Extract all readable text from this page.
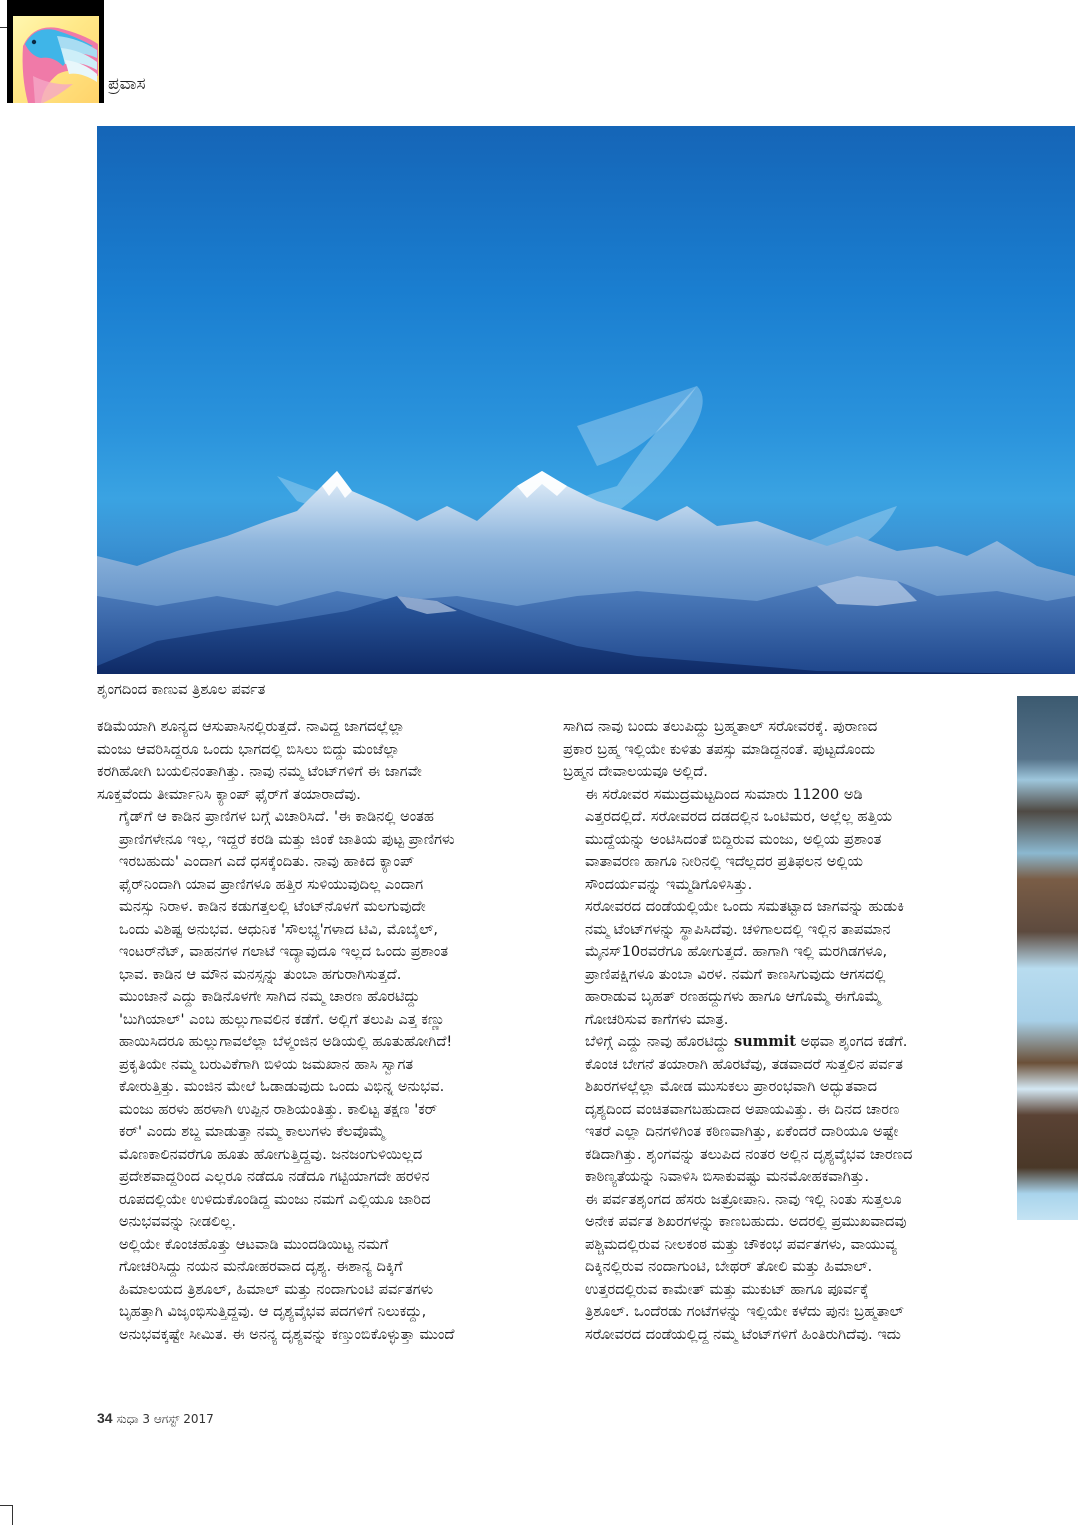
ಪ್ರವಾಸ
ಶೃಂಗದಿಂದ ಕಾಣುವ ತ್ರಿಶೂಲ ಪರ್ವತ

ಕಡಿಮೆಯಾಗಿ ಶೂನ್ಯದ ಆಸುಪಾಸಿನಲ್ಲಿರುತ್ತದೆ. ನಾವಿದ್ದ ಜಾಗದಲ್ಲೆಲ್ಲಾ
ಮಂಜು ಆವರಿಸಿದ್ದರೂ ಒಂದು ಭಾಗದಲ್ಲಿ ಬಿಸಿಲು ಬಿದ್ದು ಮಂಜೆಲ್ಲಾ
ಕರಗಿಹೋಗಿ ಬಯಲಿನಂತಾಗಿತ್ತು. ನಾವು ನಮ್ಮ ಟೆಂಟ್‌ಗಳಿಗೆ ಈ ಜಾಗವೇ
ಸೂಕ್ತವೆಂದು ತೀರ್ಮಾನಿಸಿ ಕ್ಯಾಂಪ್ ಫೈರ್‌ಗೆ ತಯಾರಾದೆವು.

ಗೈಡ್‌ಗೆ ಆ ಕಾಡಿನ ಪ್ರಾಣಿಗಳ ಬಗ್ಗೆ ವಿಚಾರಿಸಿದೆ. 'ಈ ಕಾಡಿನಲ್ಲಿ ಅಂತಹ
ಪ್ರಾಣಿಗಳೇನೂ ಇಲ್ಲ, ಇದ್ದರೆ ಕರಡಿ ಮತ್ತು ಜಿಂಕೆ ಜಾತಿಯ ಪುಟ್ಟ ಪ್ರಾಣಿಗಳು
ಇರಬಹುದು' ಎಂದಾಗ ಎದೆ ಧಸಕ್ಕೆಂದಿತು. ನಾವು ಹಾಕಿದ ಕ್ಯಾಂಪ್
ಫೈರ್‌ನಿಂದಾಗಿ ಯಾವ ಪ್ರಾಣಿಗಳೂ ಹತ್ತಿರ ಸುಳಿಯುವುದಿಲ್ಲ ಎಂದಾಗ
ಮನಸ್ಸು ನಿರಾಳ. ಕಾಡಿನ ಕಡುಗತ್ತಲಲ್ಲಿ ಟೆಂಟ್‌ನೊಳಗೆ ಮಲಗುವುದೇ
ಒಂದು ವಿಶಿಷ್ಟ ಅನುಭವ. ಆಧುನಿಕ 'ಸೌಲಭ್ಯ'ಗಳಾದ ಟಿವಿ, ಮೊಬೈಲ್,
ಇಂಟರ್‌ನೆಟ್, ವಾಹನಗಳ ಗಲಾಟೆ ಇದ್ಯಾವುದೂ ಇಲ್ಲದ ಒಂದು ಪ್ರಶಾಂತ
ಭಾವ. ಕಾಡಿನ ಆ ಮೌನ ಮನಸ್ಸನ್ನು ತುಂಬಾ ಹಗುರಾಗಿಸುತ್ತದೆ.

ಮುಂಜಾನೆ ಎದ್ದು ಕಾಡಿನೊಳಗೇ ಸಾಗಿದ ನಮ್ಮ ಚಾರಣ ಹೊರಟಿದ್ದು
'ಬುಗಿಯಾಲ್' ಎಂಬ ಹುಲ್ಲುಗಾವಲಿನ ಕಡೆಗೆ. ಅಲ್ಲಿಗೆ ತಲುಪಿ ಎತ್ತ ಕಣ್ಣು
ಹಾಯಿಸಿದರೂ ಹುಲ್ಲುಗಾವಲೆಲ್ಲಾ ಬೆಳ್ಮಂಜಿನ ಅಡಿಯಲ್ಲಿ ಹೂತುಹೋಗಿದೆ!
ಪ್ರಕೃತಿಯೇ ನಮ್ಮ ಬರುವಿಕೆಗಾಗಿ ಬಿಳಿಯ ಜಮಖಾನ ಹಾಸಿ ಸ್ವಾಗತ
ಕೋರುತ್ತಿತ್ತು. ಮಂಜಿನ ಮೇಲೆ ಓಡಾಡುವುದು ಒಂದು ವಿಭಿನ್ನ ಅನುಭವ.
ಮಂಜು ಹರಳು ಹರಳಾಗಿ ಉಪ್ಪಿನ ರಾಶಿಯಂತಿತ್ತು. ಕಾಲಿಟ್ಟ ತಕ್ಷಣ 'ಕರ್
ಕರ್' ಎಂದು ಶಬ್ದ ಮಾಡುತ್ತಾ ನಮ್ಮ ಕಾಲುಗಳು ಕೆಲವೊಮ್ಮೆ
ಮೊಣಕಾಲಿನವರೆಗೂ ಹೂತು ಹೋಗುತ್ತಿದ್ದವು. ಜನಜಂಗುಳಿಯಿಲ್ಲದ
ಪ್ರದೇಶವಾದ್ದರಿಂದ ಎಲ್ಲರೂ ನಡೆದೂ ನಡೆದೂ ಗಟ್ಟಿಯಾಗದೇ ಹರಳಿನ
ರೂಪದಲ್ಲಿಯೇ ಉಳಿದುಕೊಂಡಿದ್ದ ಮಂಜು ನಮಗೆ ಎಲ್ಲಿಯೂ ಜಾರಿದ
ಅನುಭವವನ್ನು ನೀಡಲಿಲ್ಲ.

ಅಲ್ಲಿಯೇ ಕೊಂಚಹೊತ್ತು ಆಟವಾಡಿ ಮುಂದಡಿಯಿಟ್ಟ ನಮಗೆ
ಗೋಚರಿಸಿದ್ದು ನಯನ ಮನೋಹರವಾದ ದೃಶ್ಯ. ಈಶಾನ್ಯ ದಿಕ್ಕಿಗೆ
ಹಿಮಾಲಯದ ತ್ರಿಶೂಲ್, ಹಿಮಾಲ್ ಮತ್ತು ನಂದಾಗುಂಟಿ ಪರ್ವತಗಳು
ಬೃಹತ್ತಾಗಿ ವಿಜೃಂಭಿಸುತ್ತಿದ್ದವು. ಆ ದೃಶ್ಯವೈಭವ ಪದಗಳಿಗೆ ನಿಲುಕದ್ದು,
ಅನುಭವಕ್ಕಷ್ಟೇ ಸೀಮಿತ. ಈ ಅನನ್ಯ ದೃಶ್ಯವನ್ನು ಕಣ್ತುಂಬಿಕೊಳ್ಳುತ್ತಾ ಮುಂದೆ

ಸಾಗಿದ ನಾವು ಬಂದು ತಲುಪಿದ್ದು ಬ್ರಹ್ಮತಾಲ್ ಸರೋವರಕ್ಕೆ. ಪುರಾಣದ
ಪ್ರಕಾರ ಬ್ರಹ್ಮ ಇಲ್ಲಿಯೇ ಕುಳಿತು ತಪಸ್ಸು ಮಾಡಿದ್ದನಂತೆ. ಪುಟ್ಟದೊಂದು
ಬ್ರಹ್ಮನ ದೇವಾಲಯವೂ ಅಲ್ಲಿದೆ.

ಈ ಸರೋವರ ಸಮುದ್ರಮಟ್ಟದಿಂದ ಸುಮಾರು 11200 ಅಡಿ
ಎತ್ತರದಲ್ಲಿದೆ. ಸರೋವರದ ದಡದಲ್ಲಿನ ಒಂಟಿಮರ, ಅಲ್ಲೆಲ್ಲ ಹತ್ತಿಯ
ಮುದ್ದೆಯನ್ನು ಅಂಟಿಸಿದಂತೆ ಬಿದ್ದಿರುವ ಮಂಜು, ಅಲ್ಲಿಯ ಪ್ರಶಾಂತ
ವಾತಾವರಣ ಹಾಗೂ ನೀರಿನಲ್ಲಿ ಇದೆಲ್ಲದರ ಪ್ರತಿಫಲನ ಅಲ್ಲಿಯ
ಸೌಂದರ್ಯವನ್ನು ಇಮ್ಮಡಿಗೊಳಿಸಿತ್ತು.

ಸರೋವರದ ದಂಡೆಯಲ್ಲಿಯೇ ಒಂದು ಸಮತಟ್ಟಾದ ಜಾಗವನ್ನು ಹುಡುಕಿ
ನಮ್ಮ ಟೆಂಟ್‌ಗಳನ್ನು ಸ್ಥಾಪಿಸಿದೆವು. ಚಳಿಗಾಲದಲ್ಲಿ ಇಲ್ಲಿನ ತಾಪಮಾನ
ಮೈನಸ್10ರವರೆಗೂ ಹೋಗುತ್ತದೆ. ಹಾಗಾಗಿ ಇಲ್ಲಿ ಮರಗಿಡಗಳೂ,
ಪ್ರಾಣಿಪಕ್ಷಿಗಳೂ ತುಂಬಾ ವಿರಳ. ನಮಗೆ ಕಾಣಸಿಗುವುದು ಆಗಸದಲ್ಲಿ
ಹಾರಾಡುವ ಬೃಹತ್ ರಣಹದ್ದುಗಳು ಹಾಗೂ ಆಗೊಮ್ಮೆ ಈಗೊಮ್ಮೆ
ಗೋಚರಿಸುವ ಕಾಗೆಗಳು ಮಾತ್ರ.

ಬೆಳಿಗ್ಗೆ ಎದ್ದು ನಾವು ಹೊರಟಿದ್ದು summit ಅಥವಾ ಶೃಂಗದ ಕಡೆಗೆ.
ಕೊಂಚ ಬೇಗನೆ ತಯಾರಾಗಿ ಹೊರಟೆವು, ತಡವಾದರೆ ಸುತ್ತಲಿನ ಪರ್ವತ
ಶಿಖರಗಳಲ್ಲೆಲ್ಲಾ ಮೋಡ ಮುಸುಕಲು ಪ್ರಾರಂಭವಾಗಿ ಅದ್ಭುತವಾದ
ದೃಶ್ಯದಿಂದ ವಂಚಿತವಾಗಬಹುದಾದ ಅಪಾಯವಿತ್ತು. ಈ ದಿನದ ಚಾರಣ
ಇತರೆ ಎಲ್ಲಾ ದಿನಗಳಿಗಿಂತ ಕಠಿಣವಾಗಿತ್ತು, ಏಕೆಂದರೆ ದಾರಿಯೂ ಅಷ್ಟೇ
ಕಡಿದಾಗಿತ್ತು. ಶೃಂಗವನ್ನು ತಲುಪಿದ ನಂತರ ಅಲ್ಲಿನ ದೃಶ್ಯವೈಭವ ಚಾರಣದ
ಕಾಠಿಣ್ಯತೆಯನ್ನು ನಿವಾಳಿಸಿ ಬಿಸಾಕುವಷ್ಟು ಮನಮೋಹಕವಾಗಿತ್ತು.

ಈ ಪರ್ವತಶೃಂಗದ ಹೆಸರು ಜತ್ರೋಪಾನಿ. ನಾವು ಇಲ್ಲಿ ನಿಂತು ಸುತ್ತಲೂ
ಅನೇಕ ಪರ್ವತ ಶಿಖರಗಳನ್ನು ಕಾಣಬಹುದು. ಅದರಲ್ಲಿ ಪ್ರಮುಖವಾದವು
ಪಶ್ಚಿಮದಲ್ಲಿರುವ ನೀಲಕಂಠ ಮತ್ತು ಚೌಕಂಭ ಪರ್ವತಗಳು, ವಾಯುವ್ಯ
ದಿಕ್ಕಿನಲ್ಲಿರುವ ನಂದಾಗುಂಟಿ, ಬೇಥರ್ ತೋಲಿ ಮತ್ತು ಹಿಮಾಲ್.
ಉತ್ತರದಲ್ಲಿರುವ ಕಾಮೇತ್ ಮತ್ತು ಮುಕುಟ್ ಹಾಗೂ ಪೂರ್ವಕ್ಕೆ
ತ್ರಿಶೂಲ್. ಒಂದೆರಡು ಗಂಟೆಗಳನ್ನು ಇಲ್ಲಿಯೇ ಕಳೆದು ಪುನಃ ಬ್ರಹ್ಮತಾಲ್
ಸರೋವರದ ದಂಡೆಯಲ್ಲಿದ್ದ ನಮ್ಮ ಟೆಂಟ್‌ಗಳಿಗೆ ಹಿಂತಿರುಗಿದೆವು. ಇದು

34 ಸುಧಾ 3 ಆಗಸ್ಟ್ 2017
